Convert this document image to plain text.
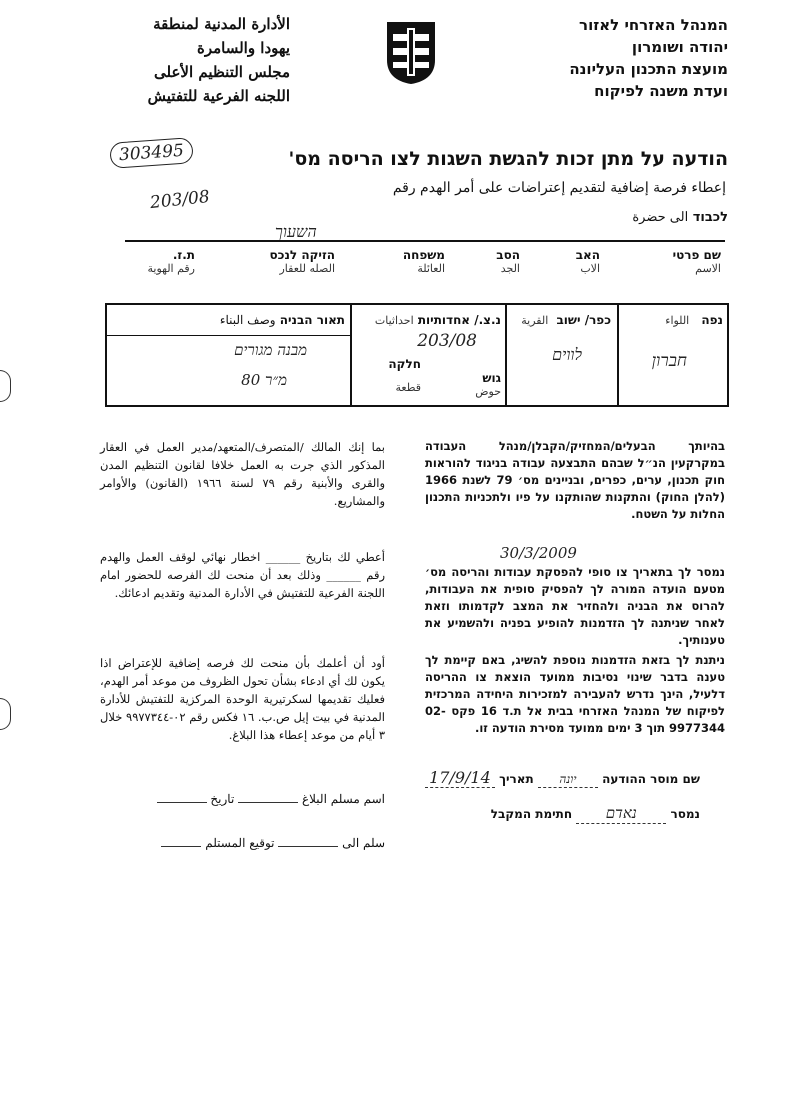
המנהל האזרחי לאזור
יהודה ושומרון
מועצת התכנון העליונה
ועדת משנה לפיקוח
الأدارة المدنية لمنطقة
يهودا والسامرة
مجلس التنظيم الأعلى
اللجنه الفرعية للتفتيش
303495	הודעה על מתן זכות להגשת השגות לצו הריסה מס'
إعطاء فرصة إضافية لتقديم إعتراضات على أمر الهدم رقم
203/08
לכבוד الى حضرة
שם פרטי
الاسم
האב
الاب
הסב
الجد
משפחה
العائلة
הזיקה לנכס
الصله للعقار
ת.ז.
رقم الهوية
השעוך
נפה اللواء
חברון
כפר/ ישוב القرية
לווים
נ.צ./ אחדותיות احداثيات
203/08
גוש
حوض
חלקה
قطعة
תאור הבניה وصف البناء
מבנה מגורים
80 מ״ר
בהיותך הבעלים/המחזיק/הקבלן/מנהל העבודה במקרקעין הנ״ל שבהם התבצעה עבודה בניגוד להוראות חוק תכנון, ערים, כפרים, ובניינים מס׳ 79 לשנת 1966 (להלן החוק) והתקנות שהותקנו על פיו ולתכניות התכנון החלות על השטח.
بما إنك المالك /المتصرف/المتعهد/مدير العمل في العقار المذكور الذي جرت به العمل خلافا لقانون التنظيم المدن والقرى والأبنية رقم ٧٩ لسنة ١٩٦٦ (القانون) والأوامر والمشاريع.
30/3/2009
נמסר לך בתאריך צו סופי להפסקת עבודות והריסה מס׳ מטעם הועדה המורה לך להפסיק סופית את העבודות, להרוס את הבניה ולהחזיר את המצב לקדמותו וזאת לאחר שניתנה לך הזדמנות להופיע בפניה ולהשמיע את טענותיך.
أعطي لك بتاريخ ______ اخطار نهائي لوقف العمل والهدم رقم ______ وذلك بعد أن منحت لك الفرصه للحضور امام اللجنة الفرعية للتفتيش في الأدارة المدنية وتقديم ادعائك.
ניתנת לך בזאת הזדמנות נוספת להשיג, באם קיימת לך טענה בדבר שינוי נסיבות ממועד הוצאת צו ההריסה דלעיל, הינך נדרש להעבירה למזכירות היחידה המרכזית לפיקוח של המנהל האזרחי בבית אל ת.ד 16 פקס 02-9977344 תוך 3 ימים ממועד מסירת הודעה זו.
أود أن أعلمك بأن منحت لك فرصه إضافية للإعتراض اذا يكون لك أي ادعاء بشأن تحول الظروف من موعد أمر الهدم، فعليك تقديمها لسكرتيرية الوحدة المركزية للتفتيش للأدارة المدنية في بيت إيل ص.ب. ١٦ فكس رقم ٠٢-٩٩٧٧٣٤٤ خلال ٣ أيام من موعد إعطاء هذا البلاغ.
שם מוסר ההודעה יונה תאריך 17/9/14
נמסר נאדם חתימת המקבל
اسم مسلم البلاغ  تاريخ
سلم الى  توقيع المستلم
